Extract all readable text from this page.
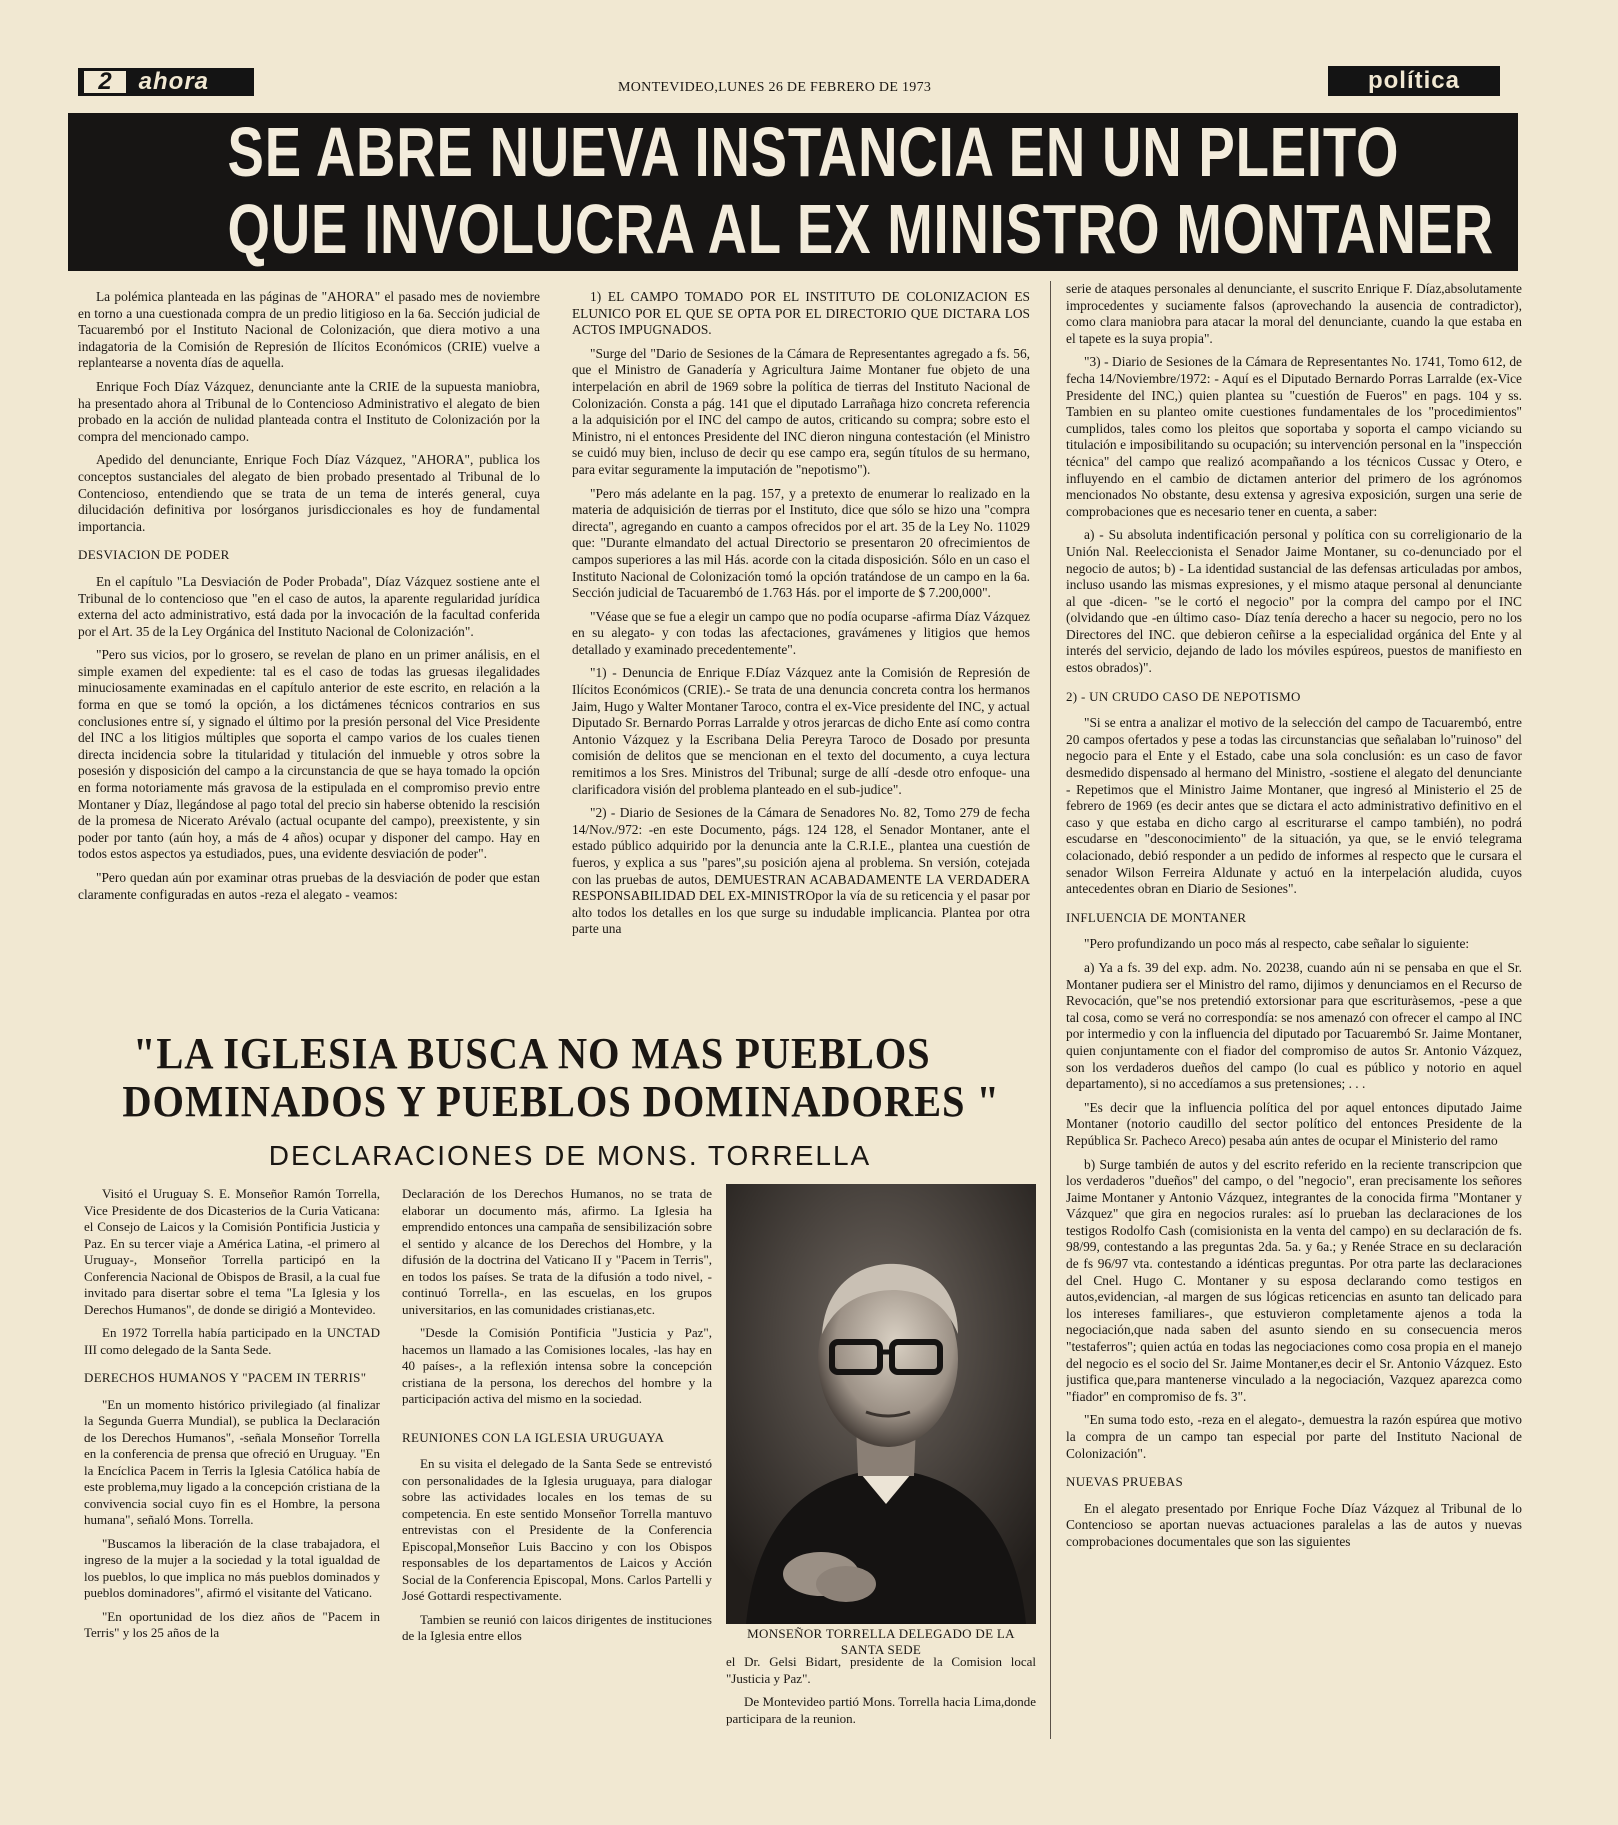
2 ahora	MONTEVIDEO,LUNES 26 DE FEBRERO DE 1973	política
SE ABRE NUEVA INSTANCIA EN UN PLEITO
QUE INVOLUCRA AL EX MINISTRO MONTANER

La polémica planteada en las páginas de "AHORA" el pasado mes de noviembre en torno a una cuestionada compra de un predio litigioso en la 6a. Sección judicial de Tacuarembó por el Instituto Nacional de Colonización, que diera motivo a una indagatoria de la Comisión de Represión de Ilícitos Económicos (CRIE) vuelve a replantearse a noventa días de aquella.

Enrique Foch Díaz Vázquez, denunciante ante la CRIE de la supuesta maniobra, ha presentado ahora al Tribunal de lo Contencioso Administrativo el alegato de bien probado en la acción de nulidad planteada contra el Instituto de Colonización por la compra del mencionado campo.

Apedido del denunciante, Enrique Foch Díaz Vázquez, "AHORA", publica los conceptos sustanciales del alegato de bien probado presentado al Tribunal de lo Contencioso, entendiendo que se trata de un tema de interés general, cuya dilucidación definitiva por losórganos jurisdiccionales es hoy de fundamental importancia.

DESVIACION DE PODER

En el capítulo "La Desviación de Poder Probada", Díaz Vázquez sostiene ante el Tribunal de lo contencioso que "en el caso de autos, la aparente regularidad jurídica externa del acto administrativo, está dada por la invocación de la facultad conferida por el Art. 35 de la Ley Orgánica del Instituto Nacional de Colonización".

"Pero sus vicios, por lo grosero, se revelan de plano en un primer análisis, en el simple examen del expediente: tal es el caso de todas las gruesas ilegalidades minuciosamente examinadas en el capítulo anterior de este escrito, en relación a la forma en que se tomó la opción, a los dictámenes técnicos contrarios en sus conclusiones entre sí, y signado el último por la presión personal del Vice Presidente del INC a los litigios múltiples que soporta el campo varios de los cuales tienen directa incidencia sobre la titularidad y titulación del inmueble y otros sobre la posesión y disposición del campo a la circunstancia de que se haya tomado la opción en forma notoriamente más gravosa de la estipulada en el compromiso previo entre Montaner y Díaz, llegándose al pago total del precio sin haberse obtenido la rescisión de la promesa de Nicerato Arévalo (actual ocupante del campo), preexistente, y sin poder por tanto (aún hoy, a más de 4 años) ocupar y disponer del campo. Hay en todos estos aspectos ya estudiados, pues, una evidente desviación de poder".

"Pero quedan aún por examinar otras pruebas de la desviación de poder que estan claramente configuradas en autos -reza el alegato - veamos:

1) EL CAMPO TOMADO POR EL INSTITUTO DE COLONIZACION ES ELUNICO POR EL QUE SE OPTA POR EL DIRECTORIO QUE DICTARA LOS ACTOS IMPUGNADOS.

"Surge del "Dario de Sesiones de la Cámara de Representantes agregado a fs. 56, que el Ministro de Ganadería y Agricultura Jaime Montaner fue objeto de una interpelación en abril de 1969 sobre la política de tierras del Instituto Nacional de Colonización. Consta a pág. 141 que el diputado Larrañaga hizo concreta referencia a la adquisición por el INC del campo de autos, criticando su compra; sobre esto el Ministro, ni el entonces Presidente del INC dieron ninguna contestación (el Ministro se cuidó muy bien, incluso de decir qu ese campo era, según títulos de su hermano, para evitar seguramente la imputación de "nepotismo").

"Pero más adelante en la pag. 157, y a pretexto de enumerar lo realizado en la materia de adquisición de tierras por el Instituto, dice que sólo se hizo una "compra directa", agregando en cuanto a campos ofrecidos por el art. 35 de la Ley No. 11029 que: "Durante elmandato del actual Directorio se presentaron 20 ofrecimientos de campos superiores a las mil Hás. acorde con la citada disposición. Sólo en un caso el Instituto Nacional de Colonización tomó la opción tratándose de un campo en la 6a. Sección judicial de Tacuarembó de 1.763 Hás. por el importe de $ 7.200,000".

"Véase que se fue a elegir un campo que no podía ocuparse -afirma Díaz Vázquez en su alegato- y con todas las afectaciones, gravámenes y litigios que hemos detallado y examinado precedentemente".

"1) - Denuncia de Enrique F.Díaz Vázquez ante la Comisión de Represión de Ilícitos Económicos (CRIE).- Se trata de una denuncia concreta contra los hermanos Jaim, Hugo y Walter Montaner Taroco, contra el ex-Vice presidente del INC, y actual Diputado Sr. Bernardo Porras Larralde y otros jerarcas de dicho Ente así como contra Antonio Vázquez y la Escribana Delia Pereyra Taroco de Dosado por presunta comisión de delitos que se mencionan en el texto del documento, a cuya lectura remitimos a los Sres. Ministros del Tribunal; surge de allí -desde otro enfoque- una clarificadora visión del problema planteado en el sub-judice".

"2) - Diario de Sesiones de la Cámara de Senadores No. 82, Tomo 279 de fecha 14/Nov./972: -en este Documento, págs. 124 128, el Senador Montaner, ante el estado público adquirido por la denuncia ante la C.R.I.E., plantea una cuestión de fueros, y explica a sus "pares",su posición ajena al problema. Sn versión, cotejada con las pruebas de autos, DEMUESTRAN ACABADAMENTE LA VERDADERA RESPONSABILIDAD DEL EX-MINISTROpor la vía de su reticencia y el pasar por alto todos los detalles en los que surge su indudable implicancia. Plantea por otra parte una

serie de ataques personales al denunciante, el suscrito Enrique F. Díaz,absolutamente improcedentes y suciamente falsos (aprovechando la ausencia de contradictor), como clara maniobra para atacar la moral del denunciante, cuando la que estaba en el tapete es la suya propia".

"3) - Diario de Sesiones de la Cámara de Representantes No. 1741, Tomo 612, de fecha 14/Noviembre/1972: - Aquí es el Diputado Bernardo Porras Larralde (ex-Vice Presidente del INC,) quien plantea su "cuestión de Fueros" en pags. 104 y ss. Tambien en su planteo omite cuestiones fundamentales de los "procedimientos" cumplidos, tales como los pleitos que soportaba y soporta el campo viciando su titulación e imposibilitando su ocupación; su intervención personal en la "inspección técnica" del campo que realizó acompañando a los técnicos Cussac y Otero, e influyendo en el cambio de dictamen anterior del primero de los agrónomos mencionados No obstante, desu extensa y agresiva exposición, surgen una serie de comprobaciones que es necesario tener en cuenta, a saber:

a) - Su absoluta indentificación personal y política con su correligionario de la Unión Nal. Reeleccionista el Senador Jaime Montaner, su co-denunciado por el negocio de autos; b) - La identidad sustancial de las defensas articuladas por ambos, incluso usando las mismas expresiones, y el mismo ataque personal al denunciante al que -dicen- "se le cortó el negocio" por la compra del campo por el INC (olvidando que -en último caso- Díaz tenía derecho a hacer su negocio, pero no los Directores del INC. que debieron ceñirse a la especialidad orgánica del Ente y al interés del servicio, dejando de lado los móviles espúreos, puestos de manifiesto en estos obrados)".

2) - UN CRUDO CASO DE NEPOTISMO

"Si se entra a analizar el motivo de la selección del campo de Tacuarembó, entre 20 campos ofertados y pese a todas las circunstancias que señalaban lo"ruinoso" del negocio para el Ente y el Estado, cabe una sola conclusión: es un caso de favor desmedido dispensado al hermano del Ministro, -sostiene el alegato del denunciante - Repetimos que el Ministro Jaime Montaner, que ingresó al Ministerio el 25 de febrero de 1969 (es decir antes que se dictara el acto administrativo definitivo en el caso y que estaba en dicho cargo al escriturarse el campo también), no podrá escudarse en "desconocimiento" de la situación, ya que, se le envió telegrama colacionado, debió responder a un pedido de informes al respecto que le cursara el senador Wilson Ferreira Aldunate y actuó en la interpelación aludida, cuyos antecedentes obran en Diario de Sesiones".

INFLUENCIA DE MONTANER

"Pero profundizando un poco más al respecto, cabe señalar lo siguiente:

a) Ya a fs. 39 del exp. adm. No. 20238, cuando aún ni se pensaba en que el Sr. Montaner pudiera ser el Ministro del ramo, dijimos y denunciamos en el Recurso de Revocación, que"se nos pretendió extorsionar para que escrituràsemos, -pese a que tal cosa, como se verá no correspondía: se nos amenazó con ofrecer el campo al INC por intermedio y con la influencia del diputado por Tacuarembó Sr. Jaime Montaner, quien conjuntamente con el fiador del compromiso de autos Sr. Antonio Vázquez, son los verdaderos dueños del campo (lo cual es público y notorio en aquel departamento), si no accedíamos a sus pretensiones; . . .

"Es decir que la influencia política del por aquel entonces diputado Jaime Montaner (notorio caudillo del sector político del entonces Presidente de la República Sr. Pacheco Areco) pesaba aún antes de ocupar el Ministerio del ramo

b) Surge también de autos y del escrito referido en la reciente transcripcion que los verdaderos "dueños" del campo, o del "negocio", eran precisamente los señores Jaime Montaner y Antonio Vázquez, integrantes de la conocida firma "Montaner y Vázquez" que gira en negocios rurales: así lo prueban las declaraciones de los testigos Rodolfo Cash (comisionista en la venta del campo) en su declaración de fs. 98/99, contestando a las preguntas 2da. 5a. y 6a.; y Renée Strace en su declaración de fs 96/97 vta. contestando a idénticas preguntas. Por otra parte las declaraciones del Cnel. Hugo C. Montaner y su esposa declarando como testigos en autos,evidencian, -al margen de sus lógicas reticencias en asunto tan delicado para los intereses familiares-, que estuvieron completamente ajenos a toda la negociación,que nada saben del asunto siendo en su consecuencia meros "testaferros"; quien actúa en todas las negociaciones como cosa propia en el manejo del negocio es el socio del Sr. Jaime Montaner,es decir el Sr. Antonio Vázquez. Esto justifica que,para mantenerse vinculado a la negociación, Vazquez aparezca como "fiador" en compromiso de fs. 3".

"En suma todo esto, -reza en el alegato-, demuestra la razón espúrea que motivo la compra de un campo tan especial por parte del Instituto Nacional de Colonización".

NUEVAS PRUEBAS

En el alegato presentado por Enrique Foche Díaz Vázquez al Tribunal de lo Contencioso se aportan nuevas actuaciones paralelas a las de autos y nuevas comprobaciones documentales que son las siguientes

"LA IGLESIA BUSCA NO MAS PUEBLOS
DOMINADOS Y PUEBLOS DOMINADORES "
DECLARACIONES DE MONS. TORRELLA

Visitó el Uruguay S. E. Monseñor Ramón Torrella, Vice Presidente de dos Dicasterios de la Curia Vaticana: el Consejo de Laicos y la Comisión Pontificia Justicia y Paz. En su tercer viaje a América Latina, -el primero al Uruguay-, Monseñor Torrella participó en la Conferencia Nacional de Obispos de Brasil, a la cual fue invitado para disertar sobre el tema "La Iglesia y los Derechos Humanos", de donde se dirigió a Montevideo.

En 1972 Torrella había participado en la UNCTAD III como delegado de la Santa Sede.

DERECHOS HUMANOS Y "PACEM IN TERRIS"

"En un momento histórico privilegiado (al finalizar la Segunda Guerra Mundial), se publica la Declaración de los Derechos Humanos", -señala Monseñor Torrella en la conferencia de prensa que ofreció en Uruguay. "En la Encíclica Pacem in Terris la Iglesia Católica había de este problema,muy ligado a la concepción cristiana de la convivencia social cuyo fin es el Hombre, la persona humana", señaló Mons. Torrella.

"Buscamos la liberación de la clase trabajadora, el ingreso de la mujer a la sociedad y la total igualdad de los pueblos, lo que implica no más pueblos dominados y pueblos dominadores", afirmó el visitante del Vaticano.

"En oportunidad de los diez años de "Pacem in Terris" y los 25 años de la

Declaración de los Derechos Humanos, no se trata de elaborar un documento más, afirmo. La Iglesia ha emprendido entonces una campaña de sensibilización sobre el sentido y alcance de los Derechos del Hombre, y la difusión de la doctrina del Vaticano II y "Pacem in Terris", en todos los países. Se trata de la difusión a todo nivel, -continuó Torrella-, en las escuelas, en los grupos universitarios, en las comunidades cristianas,etc.

"Desde la Comisión Pontificia "Justicia y Paz", hacemos un llamado a las Comisiones locales, -las hay en 40 países-, a la reflexión intensa sobre la concepción cristiana de la persona, los derechos del hombre y la participación activa del mismo en la sociedad.

REUNIONES CON LA IGLESIA URUGUAYA

En su visita el delegado de la Santa Sede se entrevistó con personalidades de la Iglesia uruguaya, para dialogar sobre las actividades locales en los temas de su competencia. En este sentido Monseñor Torrella mantuvo entrevistas con el Presidente de la Conferencia Episcopal,Monseñor Luis Baccino y con los Obispos responsables de los departamentos de Laicos y Acción Social de la Conferencia Episcopal, Mons. Carlos Partelli y José Gottardi respectivamente.

Tambien se reunió con laicos dirigentes de instituciones de la Iglesia entre ellos	MONSEÑOR TORRELLA DELEGADO DE LA SANTA SEDE

el Dr. Gelsi Bidart, presidente de la Comision local "Justicia y Paz".

De Montevideo partió Mons. Torrella hacia Lima,donde participara de la reunion.
